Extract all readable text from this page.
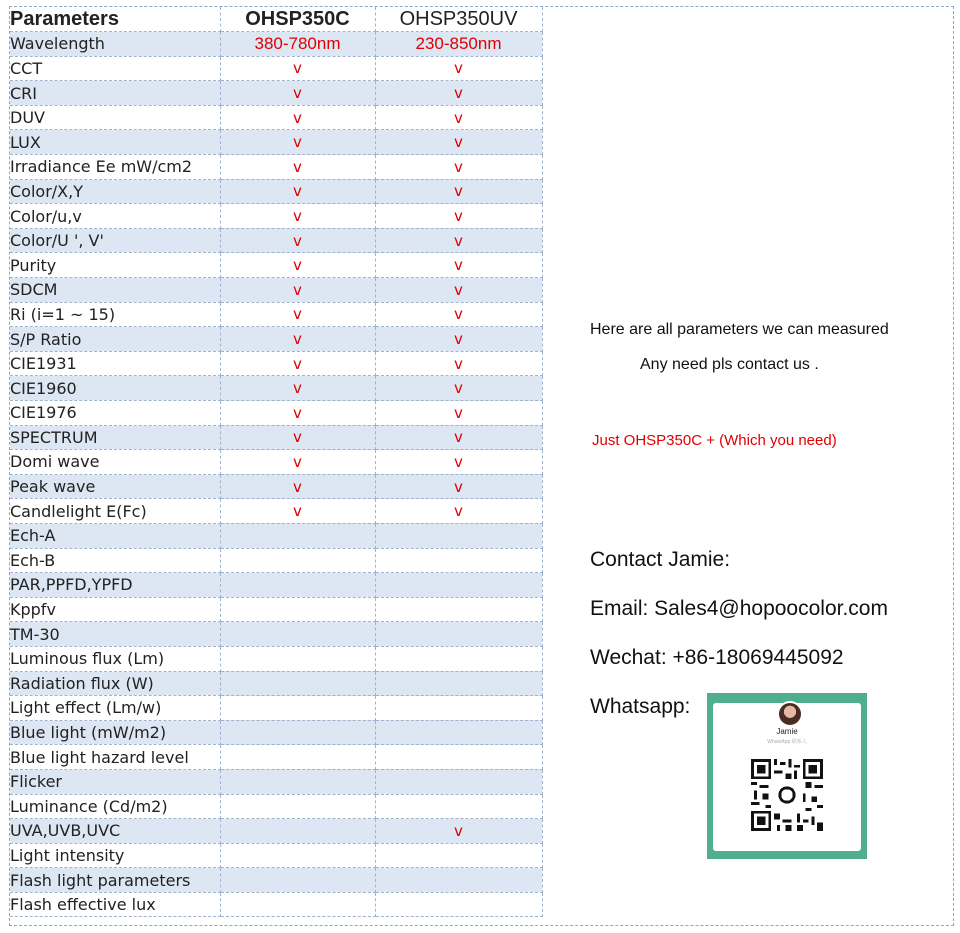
Parameters	OHSP350C	OHSP350UV
Wavelength	380-780nm	230-850nm
CCT	v	v
CRI	v	v
DUV	v	v
LUX	v	v
Irradiance Ee mW/cm2	v	v
Color/X,Y	v	v
Color/u,v	v	v
Color/U ', V'	v	v
Purity	v	v
SDCM	v	v
Ri (i=1 ~ 15)	v	v
S/P Ratio	v	v
CIE1931	v	v
CIE1960	v	v
CIE1976	v	v
SPECTRUM	v	v
Domi wave	v	v
Peak wave	v	v
Candlelight E(Fc)	v	v
Ech-A		
Ech-B		
PAR,PPFD,YPFD		
Kppfv		
TM-30		
Luminous flux (Lm)		
Radiation flux (W)		
Light effect (Lm/w)		
Blue light (mW/m2)		
Blue light hazard level		
Flicker		
Luminance (Cd/m2)		
UVA,UVB,UVC		v
Light intensity		
Flash light parameters		
Flash effective lux		
Here are all parameters we can measured
Any need pls contact us .
Just OHSP350C + (Which you need)
Contact Jamie:
Email: Sales4@hopoocolor.com
Wechat: +86-18069445092
Whatsapp:
Jamie
WhatsApp 联系人
